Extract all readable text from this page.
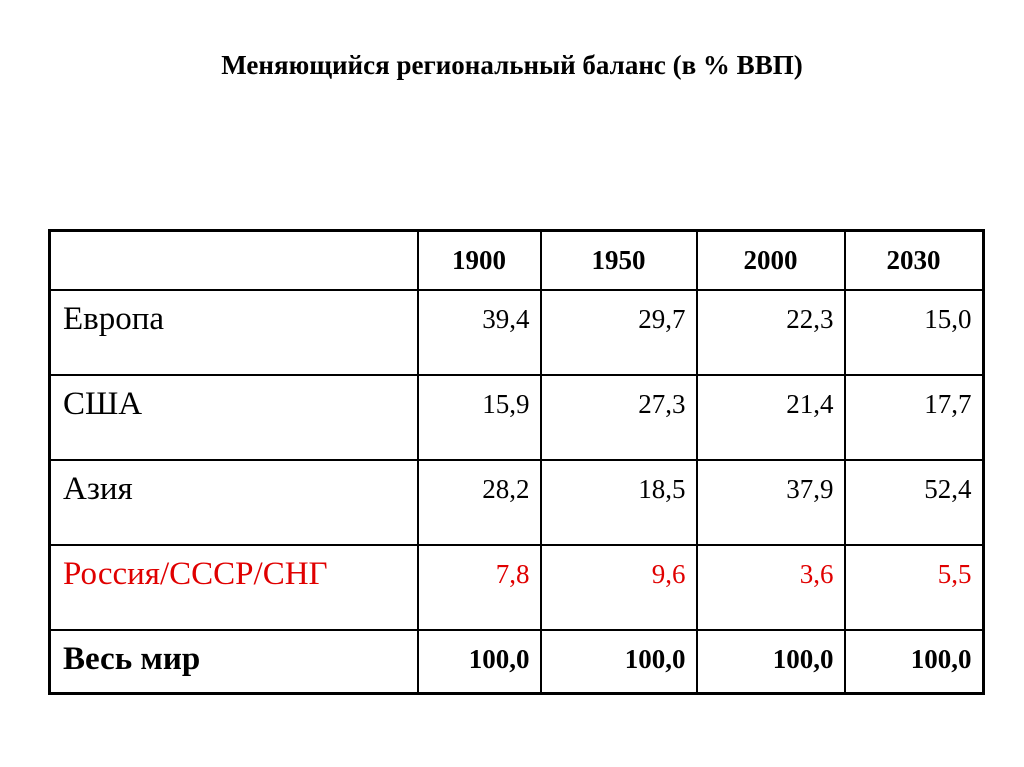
Меняющийся региональный баланс (в % ВВП)
	1900	1950	2000	2030
Европа	39,4	29,7	22,3	15,0
США	15,9	27,3	21,4	17,7
Азия	28,2	18,5	37,9	52,4
Россия/СССР/СНГ	7,8	9,6	3,6	5,5
Весь мир	100,0	100,0	100,0	100,0
